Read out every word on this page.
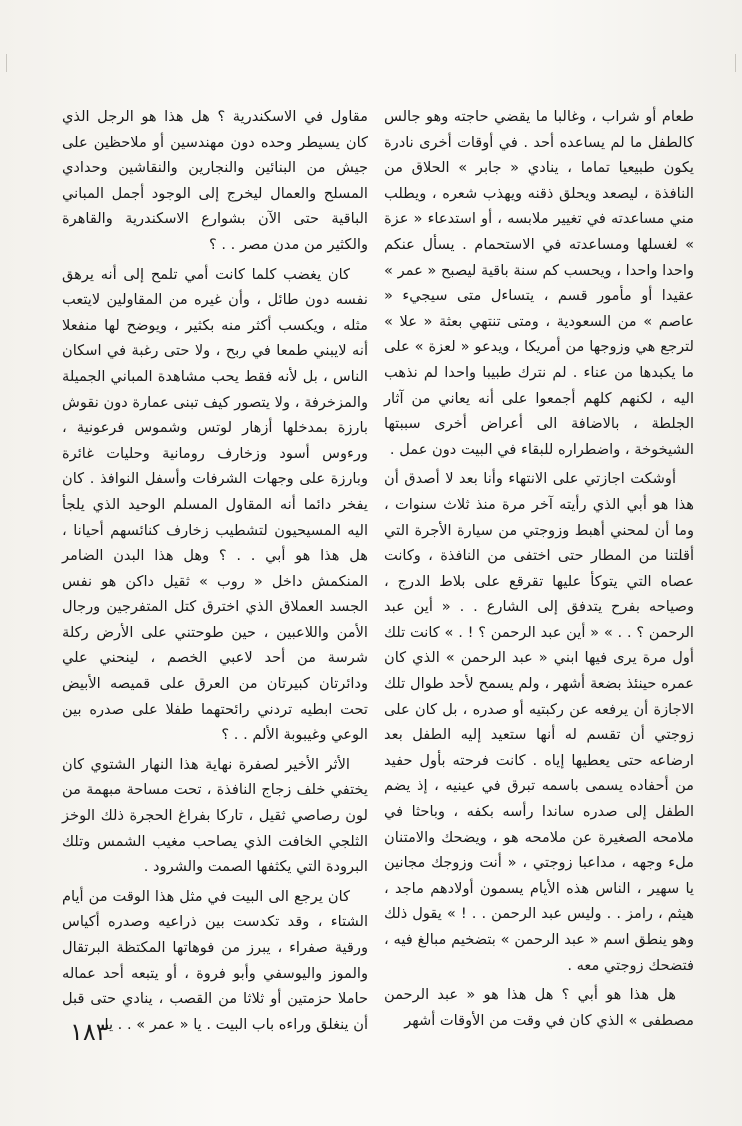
طعام أو شراب ، وغالبا ما يقضي حاجته وهو جالس كالطفل ما لم يساعده أحد . في أوقات أخرى نادرة يكون طبيعيا تماما ، ينادي « جابر » الحلاق من النافذة ، ليصعد ويحلق ذقنه ويهذب شعره ، ويطلب مني مساعدته في تغيير ملابسه ، أو استدعاء « عزة » لغسلها ومساعدته في الاستحمام . يسأل عنكم واحدا واحدا ، ويحسب كم سنة باقية ليصبح « عمر » عقيدا أو مأمور قسم ، يتساءل متى سيجيء « عاصم » من السعودية ، ومتى تنتهي بعثة « علا » لترجع هي وزوجها من أمريكا ، ويدعو « لعزة » على ما يكبدها من عناء . لم نترك طبيبا واحدا لم نذهب اليه ، لكنهم كلهم أجمعوا على أنه يعاني من آثار الجلطة ، بالاضافة الى أعراض أخرى سببتها الشيخوخة ، واضطراره للبقاء في البيت دون عمل .

أوشكت اجازتي على الانتهاء وأنا بعد لا أصدق أن هذا هو أبي الذي رأيته آخر مرة منذ ثلاث سنوات ، وما أن لمحني أهبط وزوجتي من سيارة الأجرة التي أقلتنا من المطار حتى اختفى من النافذة ، وكانت عصاه التي يتوكأ عليها تقرقع على بلاط الدرج ، وصياحه بفرح يتدفق إلى الشارع . . « أين عبد الرحمن ؟ . . » « أين عبد الرحمن ؟ ! . » كانت تلك أول مرة يرى فيها ابني « عبد الرحمن » الذي كان عمره حينئذ بضعة أشهر ، ولم يسمح لأحد طوال تلك الاجازة أن يرفعه عن ركبتيه أو صدره ، بل كان على زوجتي أن تقسم له أنها ستعيد إليه الطفل بعد ارضاعه حتى يعطيها إياه . كانت فرحته بأول حفيد من أحفاده يسمى باسمه تبرق في عينيه ، إذ يضم الطفل إلى صدره ساندا رأسه بكفه ، وباحثا في ملامحه الصغيرة عن ملامحه هو ، ويضحك والامتنان ملء وجهه ، مداعبا زوجتي ، « أنت وزوجك مجانين يا سهير ، الناس هذه الأيام يسمون أولادهم ماجد ، هيثم ، رامز . . وليس عبد الرحمن . . ! » يقول ذلك وهو ينطق اسم « عبد الرحمن » بتضخيم مبالغ فيه ، فتضحك زوجتي معه .

هل هذا هو أبي ؟ هل هذا هو « عبد الرحمن مصطفى » الذي كان في وقت من الأوقات أشهر

مقاول في الاسكندرية ؟ هل هذا هو الرجل الذي كان يسيطر وحده دون مهندسين أو ملاحظين على جيش من البنائين والنجارين والنقاشين وحدادي المسلح والعمال ليخرج إلى الوجود أجمل المباني الباقية حتى الآن بشوارع الاسكندرية والقاهرة والكثير من مدن مصر . . ؟

كان يغضب كلما كانت أمي تلمح إلى أنه يرهق نفسه دون طائل ، وأن غيره من المقاولين لايتعب مثله ، ويكسب أكثر منه بكثير ، ويوضح لها منفعلا أنه لايبني طمعا في ربح ، ولا حتى رغبة في اسكان الناس ، بل لأنه فقط يحب مشاهدة المباني الجميلة والمزخرفة ، ولا يتصور كيف تبنى عمارة دون نقوش بارزة بمدخلها أزهار لوتس وشموس فرعونية ، ورءوس أسود وزخارف رومانية وحليات غائرة وبارزة على وجهات الشرفات وأسفل النوافذ . كان يفخر دائما أنه المقاول المسلم الوحيد الذي يلجأ اليه المسيحيون لتشطيب زخارف كنائسهم أحيانا ، هل هذا هو أبي . . ؟ وهل هذا البدن الضامر المنكمش داخل « روب » ثقيل داكن هو نفس الجسد العملاق الذي اخترق كتل المتفرجين ورجال الأمن واللاعبين ، حين طوحتني على الأرض ركلة شرسة من أحد لاعبي الخصم ، لينحني علي ودائرتان كبيرتان من العرق على قميصه الأبيض تحت ابطيه تردني رائحتهما طفلا على صدره بين الوعي وغيبوبة الألم . . ؟

الأثر الأخير لصفرة نهاية هذا النهار الشتوي كان يختفي خلف زجاج النافذة ، تحت مساحة مبهمة من لون رصاصي ثقيل ، تاركا بفراغ الحجرة ذلك الوخز الثلجي الخافت الذي يصاحب مغيب الشمس وتلك البرودة التي يكثفها الصمت والشرود .

كان يرجع الى البيت في مثل هذا الوقت من أيام الشتاء ، وقد تكدست بين ذراعيه وصدره أكياس ورقية صفراء ، يبرز من فوهاتها المكتظة البرتقال والموز واليوسفي وأبو فروة ، أو يتبعه أحد عماله حاملا حزمتين أو ثلاثا من القصب ، ينادي حتى قبل أن ينغلق وراءه باب البيت . يا « عمر » . . يا

١٨٣
